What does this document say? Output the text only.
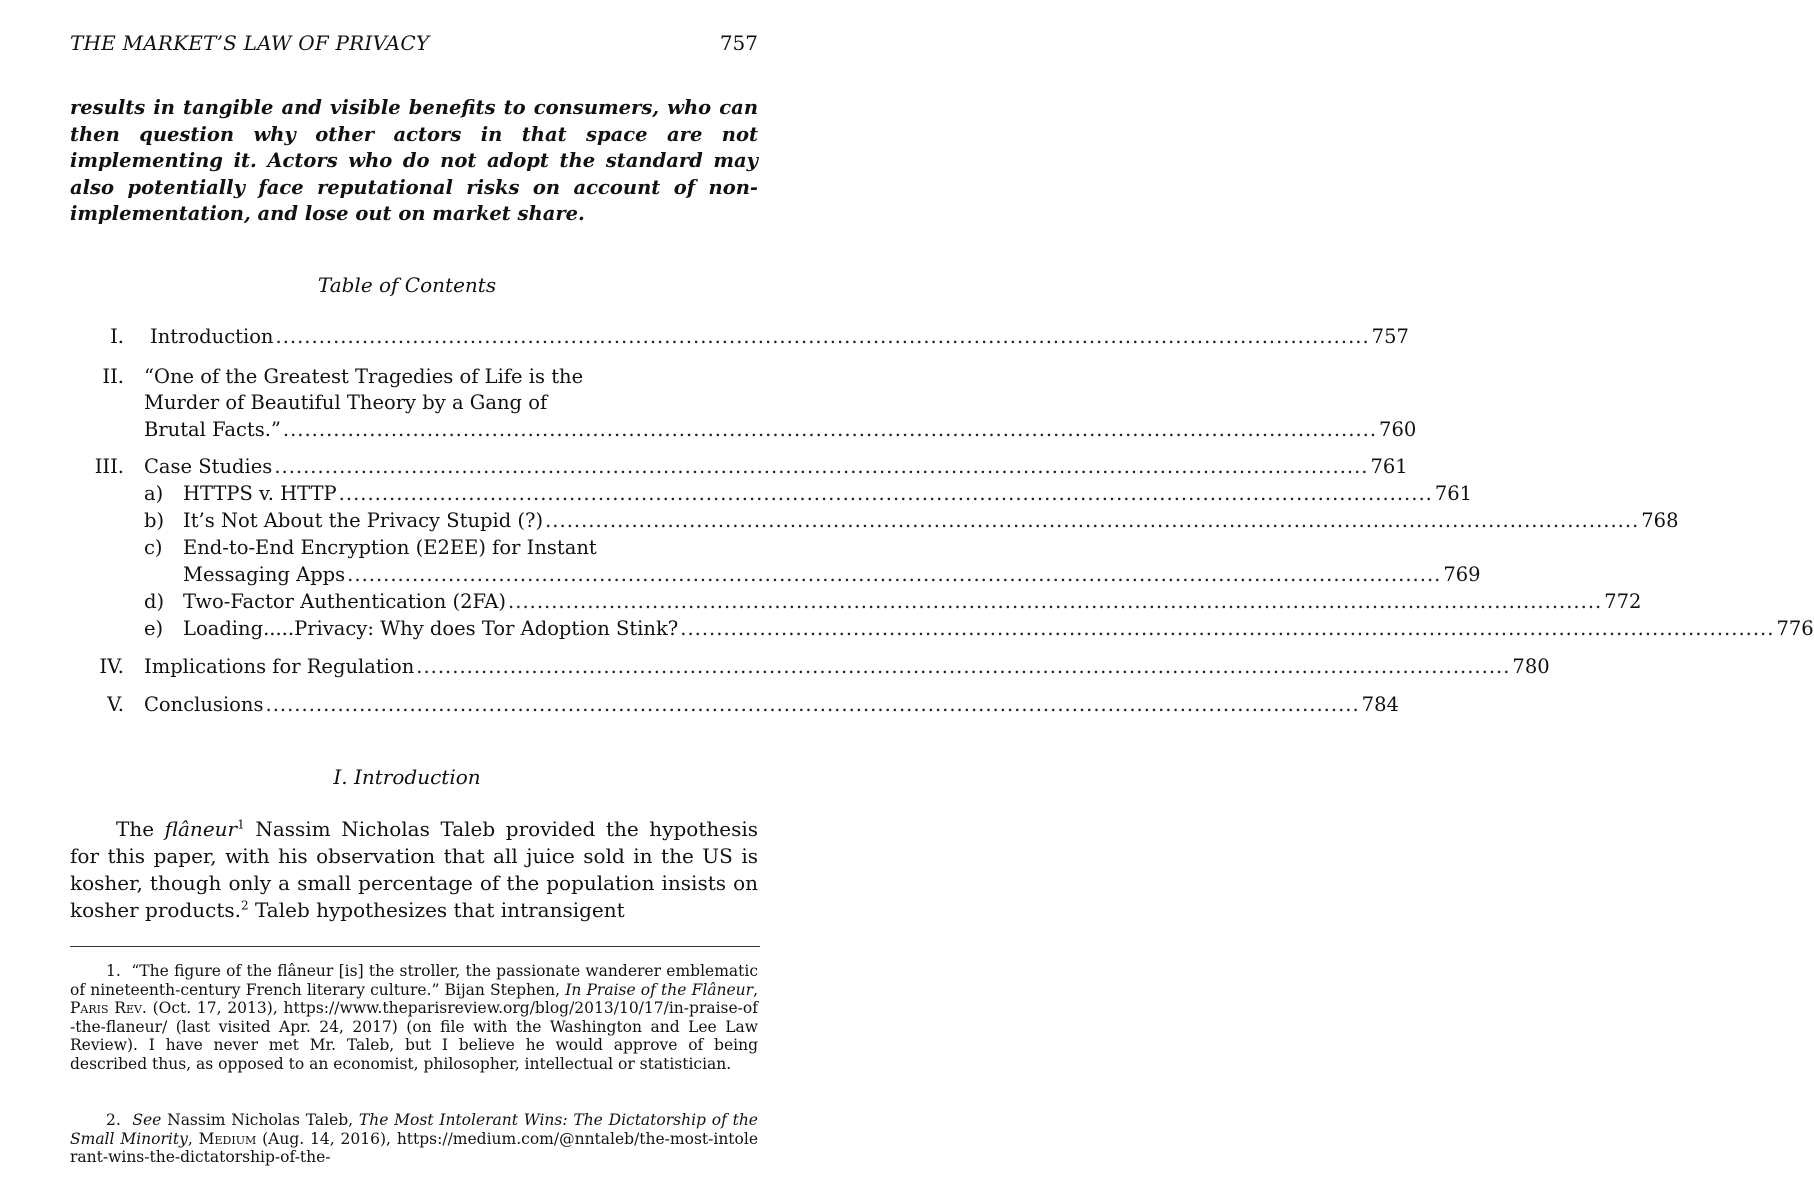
THE MARKET’S LAW OF PRIVACY	757

results in tangible and visible benefits to consumers, who can then question why other actors in that space are not implementing it. Actors who do not adopt the standard may also potentially face reputational risks on account of non-implementation, and lose out on market share.

Table of Contents
I. Introduction ........................................................................................................................................................ 757
II. “One of the Greatest Tragedies of Life is the
Murder of Beautiful Theory by a Gang of
Brutal Facts.” ........................................................................................................................................................ 760
III. Case Studies ........................................................................................................................................................ 761
a) HTTPS v. HTTP ........................................................................................................................................................ 761
b) It’s Not About the Privacy Stupid (?) ........................................................................................................................................................ 768
c) End-to-End Encryption (E2EE) for Instant
Messaging Apps ........................................................................................................................................................ 769
d) Two-Factor Authentication (2FA) ........................................................................................................................................................ 772
e) Loading.....Privacy: Why does Tor Adoption Stink? ........................................................................................................................................................ 776
IV. Implications for Regulation ........................................................................................................................................................ 780
V. Conclusions ........................................................................................................................................................ 784
I. Introduction

The flâneur$^1$ Nassim Nicholas Taleb provided the hypothesis for this paper, with his observation that all juice sold in the US is kosher, though only a small percentage of the population insists on kosher products.$^2$ Taleb hypothesizes that intransigent

1. “The figure of the flâneur [is] the stroller, the passionate wanderer emblematic of nineteenth-century French literary culture.” Bijan Stephen, In Praise of the Flâneur, Paris Rev. (Oct. 17, 2013), https://www.theparisreview.org/blog/2013/10/17/in-praise-of-the-flaneur/ (last visited Apr. 24, 2017) (on file with the Washington and Lee Law Review). I have never met Mr. Taleb, but I believe he would approve of being described thus, as opposed to an economist, philosopher, intellectual or statistician.

2. See Nassim Nicholas Taleb, The Most Intolerant Wins: The Dictatorship of the Small Minority, Medium (Aug. 14, 2016), https://medium.com/@nntaleb/the-most-intolerant-wins-the-dictatorship-of-the-
